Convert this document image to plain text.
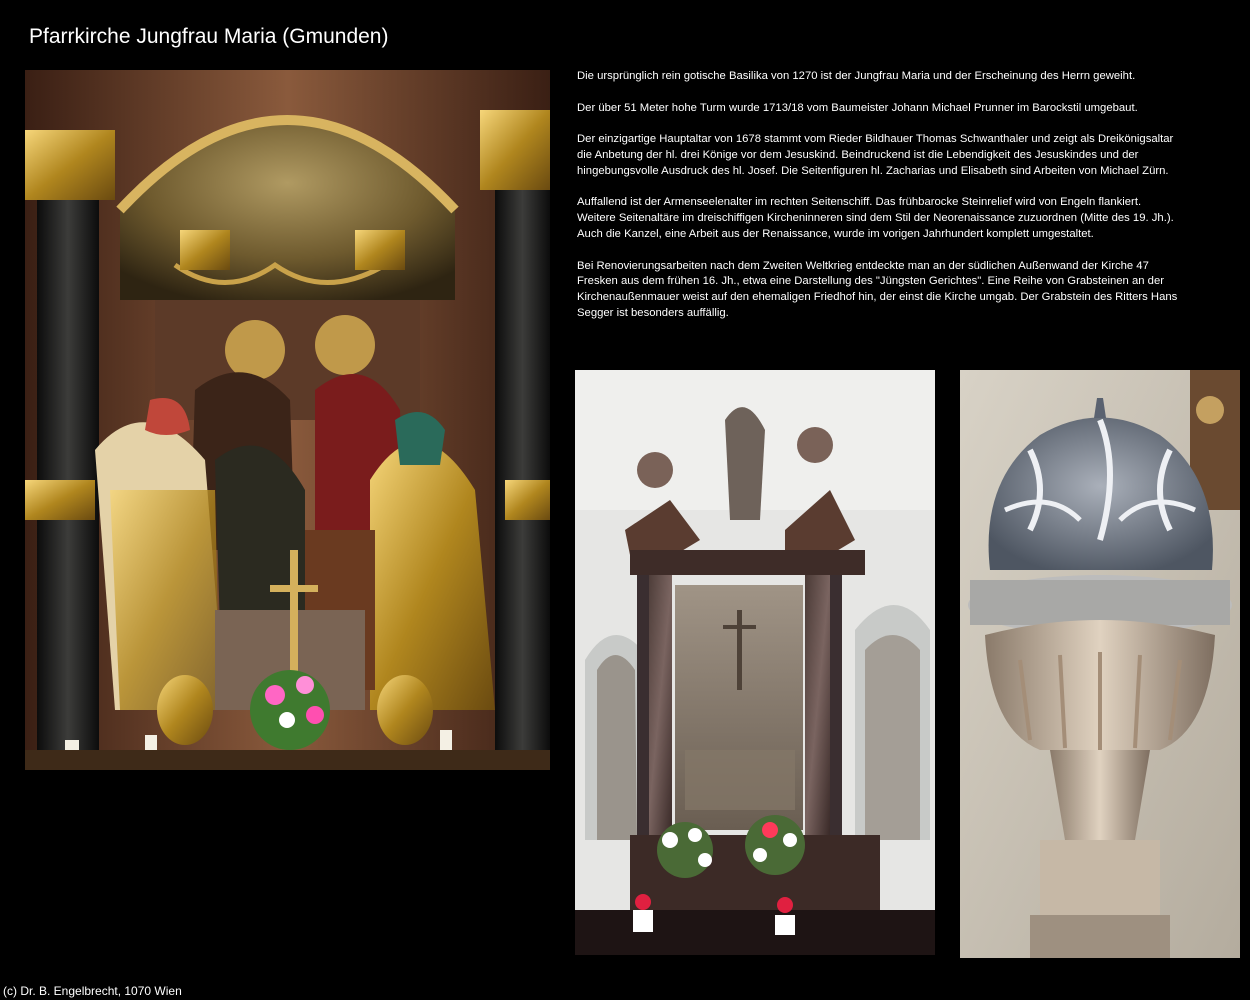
Pfarrkirche Jungfrau Maria (Gmunden)

Die ursprünglich rein gotische Basilika von 1270 ist der Jungfrau Maria und der Erscheinung des Herrn geweiht.

Der über 51 Meter hohe Turm wurde 1713/18 vom Baumeister Johann Michael Prunner im Barockstil umgebaut.

Der einzigartige Hauptaltar von 1678 stammt vom Rieder Bildhauer Thomas Schwanthaler und zeigt als Dreikönigsaltar die Anbetung der hl. drei Könige vor dem Jesuskind. Beindruckend ist die Lebendigkeit des Jesuskindes und der hingebungsvolle Ausdruck des hl. Josef. Die Seitenfiguren hl. Zacharias und Elisabeth sind Arbeiten von Michael Zürn.

Auffallend ist der Armenseelenalter im rechten Seitenschiff. Das frühbarocke Steinrelief wird von Engeln flankiert. Weitere Seitenaltäre im dreischiffigen Kircheninneren sind dem Stil der Neorenaissance zuzuordnen (Mitte des 19. Jh.). Auch die Kanzel, eine Arbeit aus der Renaissance, wurde im vorigen Jahrhundert komplett umgestaltet.

Bei Renovierungsarbeiten nach dem Zweiten Weltkrieg entdeckte man an der südlichen Außenwand der Kirche 47 Fresken aus dem frühen 16. Jh., etwa eine Darstellung des "Jüngsten Gerichtes". Eine Reihe von Grabsteinen an der Kirchenaußenmauer weist auf den ehemaligen Friedhof hin, der einst die Kirche umgab. Der Grabstein des Ritters Hans Segger ist besonders auffällig.

(c) Dr. B. Engelbrecht, 1070 Wien
